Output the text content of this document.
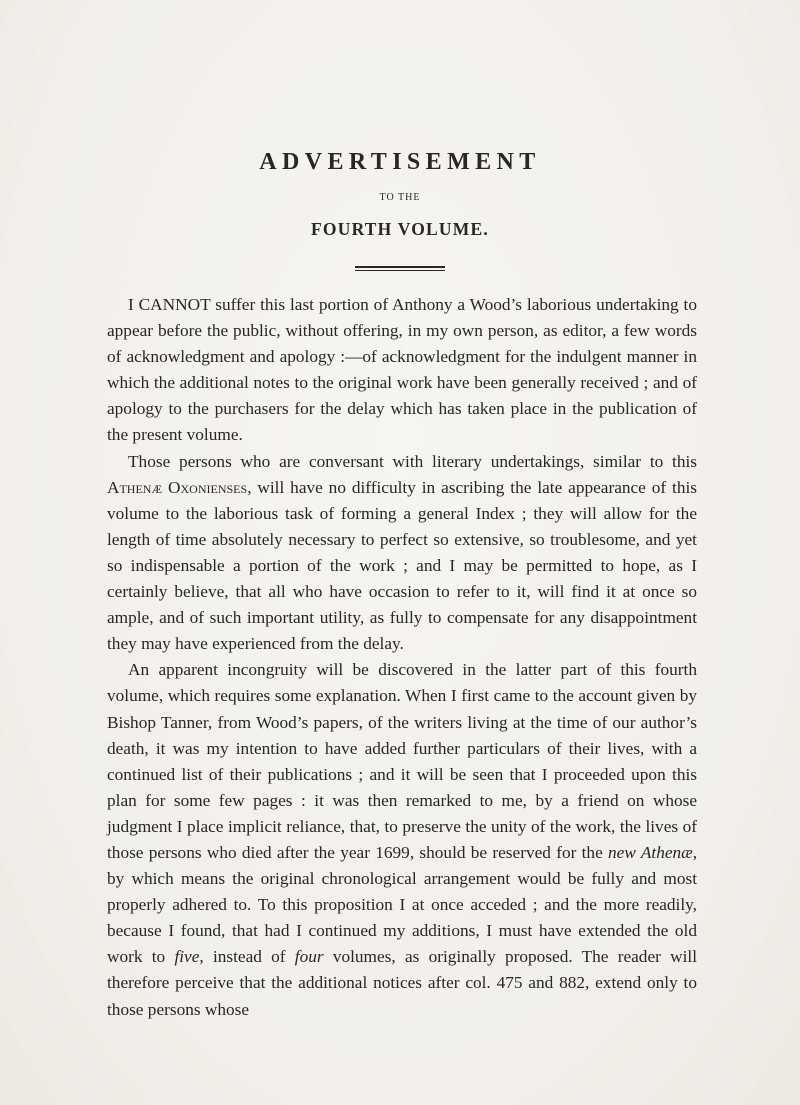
ADVERTISEMENT
TO THE
FOURTH VOLUME.

I CANNOT suffer this last portion of Anthony a Wood’s laborious undertaking to appear before the public, without offering, in my own person, as editor, a few words of acknowledgment and apology :—of acknowledgment for the indulgent manner in which the additional notes to the original work have been generally received ; and of apology to the purchasers for the delay which has taken place in the publication of the present volume.

Those persons who are conversant with literary undertakings, similar to this Athenæ Oxonienses, will have no difficulty in ascribing the late appearance of this volume to the laborious task of forming a general Index ; they will allow for the length of time absolutely necessary to perfect so extensive, so troublesome, and yet so indispensable a portion of the work ; and I may be permitted to hope, as I certainly believe, that all who have occasion to refer to it, will find it at once so ample, and of such important utility, as fully to compensate for any disappointment they may have experienced from the delay.

An apparent incongruity will be discovered in the latter part of this fourth volume, which requires some explanation. When I first came to the account given by Bishop Tanner, from Wood’s papers, of the writers living at the time of our author’s death, it was my intention to have added further particulars of their lives, with a continued list of their publications ; and it will be seen that I proceeded upon this plan for some few pages : it was then remarked to me, by a friend on whose judgment I place implicit reliance, that, to preserve the unity of the work, the lives of those persons who died after the year 1699, should be reserved for the new Athenæ, by which means the original chronological arrangement would be fully and most properly adhered to. To this proposition I at once acceded ; and the more readily, because I found, that had I continued my additions, I must have extended the old work to five, instead of four volumes, as originally proposed. The reader will therefore perceive that the additional notices after col. 475 and 882, extend only to those persons whose
